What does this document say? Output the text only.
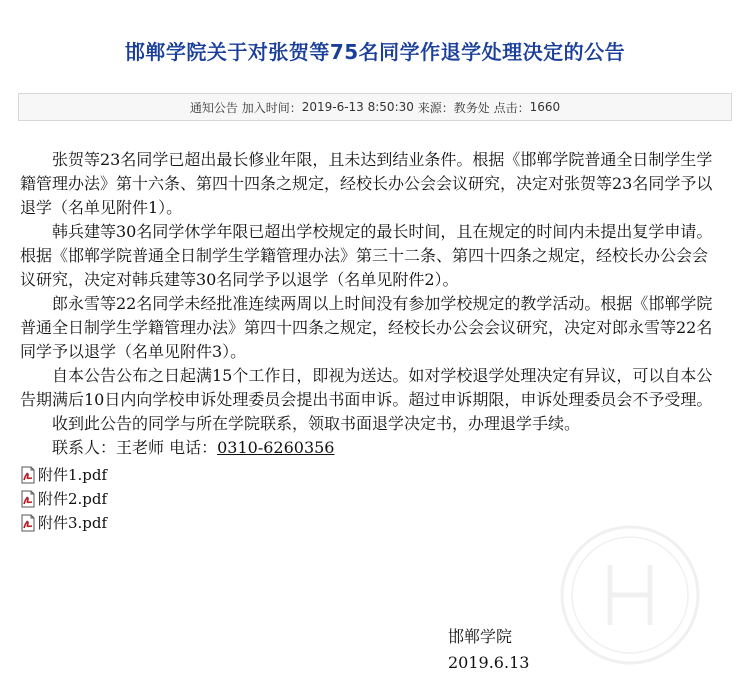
邯郸学院关于对张贺等75名同学作退学处理决定的公告
通知公告
加入时间： 2019-6-13 8:50:30
来源： 教务处
点击： 1660

张贺等23名同学已超出最长修业年限，且未达到结业条件。根据《邯郸学院普通全日制学生学籍管理办法》第十六条、第四十四条之规定，经校长办公会会议研究，决定对张贺等23名同学予以退学（名单见附件1）。

韩兵建等30名同学休学年限已超出学校规定的最长时间，且在规定的时间内未提出复学申请。根据《邯郸学院普通全日制学生学籍管理办法》第三十二条、第四十四条之规定，经校长办公会会议研究，决定对韩兵建等30名同学予以退学（名单见附件2）。

郎永雪等22名同学未经批准连续两周以上时间没有参加学校规定的教学活动。根据《邯郸学院普通全日制学生学籍管理办法》第四十四条之规定，经校长办公会会议研究，决定对郎永雪等22名同学予以退学（名单见附件3）。

自本公告公布之日起满15个工作日，即视为送达。如对学校退学处理决定有异议，可以自本公告期满后10日内向学校申诉处理委员会提出书面申诉。超过申诉期限，申诉处理委员会不予受理。

收到此公告的同学与所在学院联系，领取书面退学决定书，办理退学手续。

联系人：王老师 电话：0310-6260356
附件1.pdf
附件2.pdf
附件3.pdf
邯郸学院
2019.6.13
